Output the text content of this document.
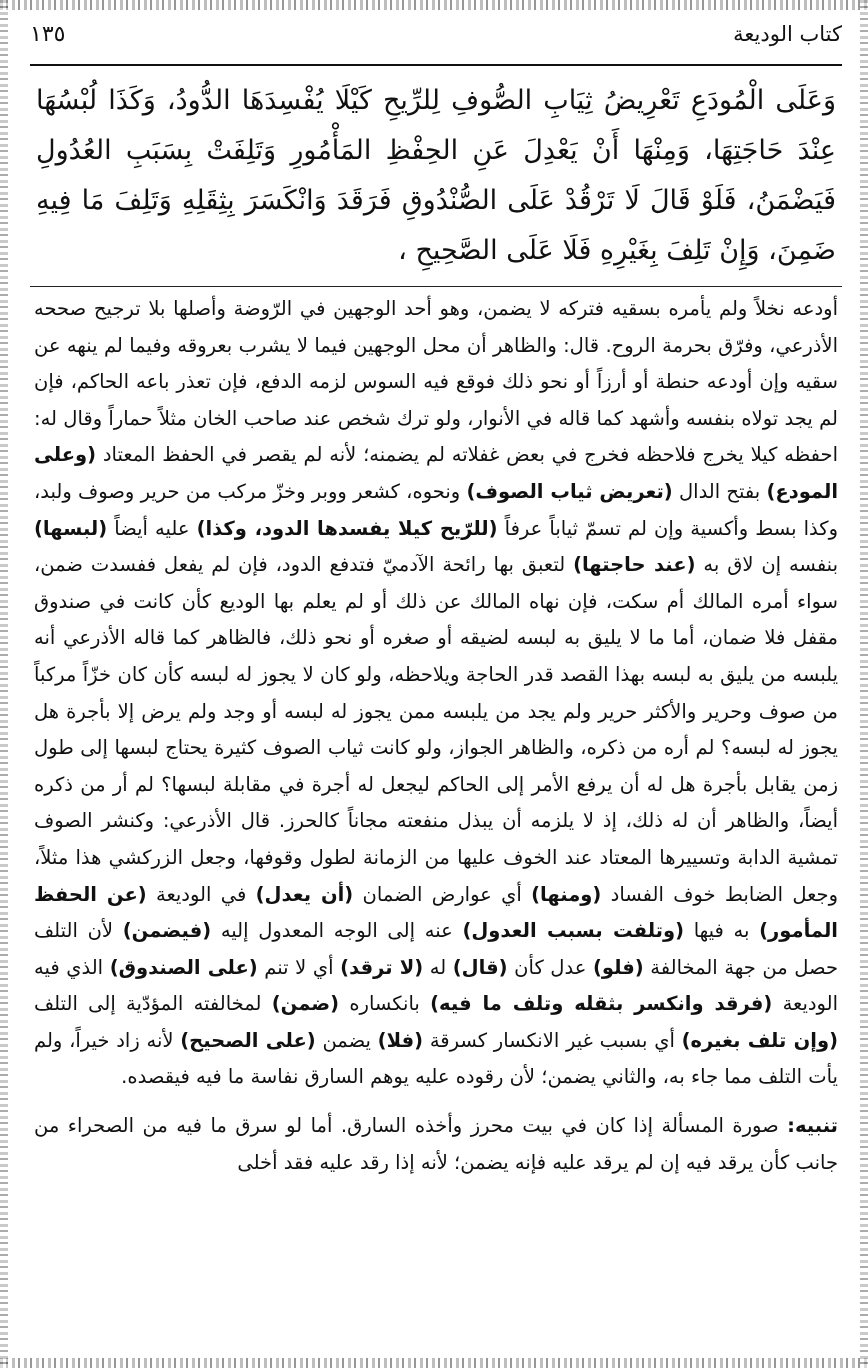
كتاب الوديعة
١٣٥
وَعَلَى الْمُودَعِ تَعْرِيضُ ثِيَابِ الصُّوفِ لِلرِّيحِ كَيْلَا يُفْسِدَهَا الدُّودُ، وَكَذَا لُبْسُهَا عِنْدَ حَاجَتِهَا، وَمِنْهَا أَنْ يَعْدِلَ عَنِ الحِفْظِ المَأْمُورِ وَتَلِفَتْ بِسَبَبِ العُدُولِ فَيَضْمَنُ، فَلَوْ قَالَ لَا تَرْقُدْ عَلَى الصُّنْدُوقِ فَرَقَدَ وَانْكَسَرَ بِثِقَلِهِ وَتَلِفَ مَا فِيهِ ضَمِنَ، وَإِنْ تَلِفَ بِغَيْرِهِ فَلَا عَلَى الصَّحِيحِ ،

أودعه نخلاً ولم يأمره بسقيه فتركه لا يضمن، وهو أحد الوجهين في الرّوضة وأصلها بلا ترجيح صححه الأذرعي، وفرّق بحرمة الروح. قال: والظاهر أن محل الوجهين فيما لا يشرب بعروقه وفيما لم ينهه عن سقيه وإن أودعه حنطة أو أرزاً أو نحو ذلك فوقع فيه السوس لزمه الدفع، فإن تعذر باعه الحاكم، فإن لم يجد تولاه بنفسه وأشهد كما قاله في الأنوار، ولو ترك شخص عند صاحب الخان مثلاً حماراً وقال له: احفظه كيلا يخرج فلاحظه فخرج في بعض غفلاته لم يضمنه؛ لأنه لم يقصر في الحفظ المعتاد (وعلى المودع) بفتح الدال (تعريض ثياب الصوف) ونحوه، كشعر ووبر وخزّ مركب من حرير وصوف ولبد، وكذا بسط وأكسية وإن لم تسمّ ثياباً عرفاً (للرّيح كيلا يفسدها الدود، وكذا) عليه أيضاً (لبسها) بنفسه إن لاق به (عند حاجتها) لتعبق بها رائحة الآدميّ فتدفع الدود، فإن لم يفعل ففسدت ضمن، سواء أمره المالك أم سكت، فإن نهاه المالك عن ذلك أو لم يعلم بها الوديع كأن كانت في صندوق مقفل فلا ضمان، أما ما لا يليق به لبسه لضيقه أو صغره أو نحو ذلك، فالظاهر كما قاله الأذرعي أنه يلبسه من يليق به لبسه بهذا القصد قدر الحاجة ويلاحظه، ولو كان لا يجوز له لبسه كأن كان خزّاً مركباً من صوف وحرير والأكثر حرير ولم يجد من يلبسه ممن يجوز له لبسه أو وجد ولم يرض إلا بأجرة هل يجوز له لبسه؟ لم أره من ذكره، والظاهر الجواز، ولو كانت ثياب الصوف كثيرة يحتاج لبسها إلى طول زمن يقابل بأجرة هل له أن يرفع الأمر إلى الحاكم ليجعل له أجرة في مقابلة لبسها؟ لم أر من ذكره أيضاً، والظاهر أن له ذلك، إذ لا يلزمه أن يبذل منفعته مجاناً كالحرز. قال الأذرعي: وكنشر الصوف تمشية الدابة وتسييرها المعتاد عند الخوف عليها من الزمانة لطول وقوفها، وجعل الزركشي هذا مثلاً، وجعل الضابط خوف الفساد (ومنها) أي عوارض الضمان (أن يعدل) في الوديعة (عن الحفظ المأمور) به فيها (وتلفت بسبب العدول) عنه إلى الوجه المعدول إليه (فيضمن) لأن التلف حصل من جهة المخالفة (فلو) عدل كأن (قال) له (لا ترقد) أي لا تنم (على الصندوق) الذي فيه الوديعة (فرقد وانكسر بثقله وتلف ما فيه) بانكساره (ضمن) لمخالفته المؤدّية إلى التلف (وإن تلف بغيره) أي بسبب غير الانكسار كسرقة (فلا) يضمن (على الصحيح) لأنه زاد خيراً، ولم يأت التلف مما جاء به، والثاني يضمن؛ لأن رقوده عليه يوهم السارق نفاسة ما فيه فيقصده.

تنبيه: صورة المسألة إذا كان في بيت محرز وأخذه السارق. أما لو سرق ما فيه من الصحراء من جانب كأن يرقد فيه إن لم يرقد عليه فإنه يضمن؛ لأنه إذا رقد عليه فقد أخلى
